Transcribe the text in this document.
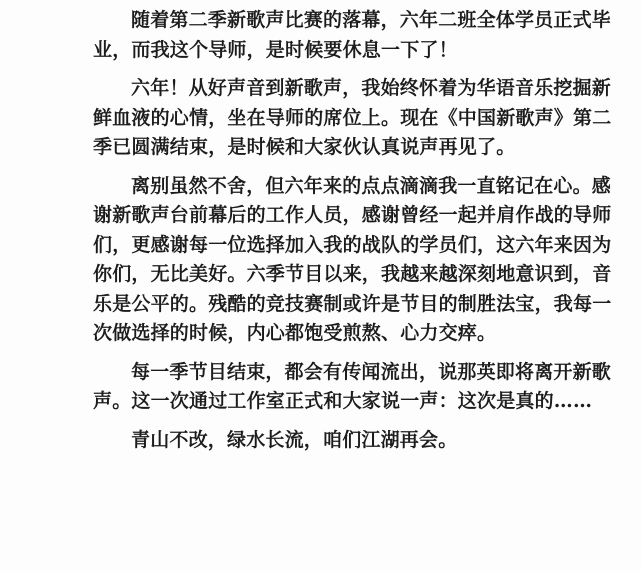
随着第二季新歌声比赛的落幕，六年二班全体学员正式毕业，而我这个导师，是时候要休息一下了！

六年！从好声音到新歌声，我始终怀着为华语音乐挖掘新鲜血液的心情，坐在导师的席位上。现在《中国新歌声》第二季已圆满结束，是时候和大家伙认真说声再见了。

离别虽然不舍，但六年来的点点滴滴我一直铭记在心。感谢新歌声台前幕后的工作人员，感谢曾经一起并肩作战的导师们，更感谢每一位选择加入我的战队的学员们，这六年来因为你们，无比美好。六季节目以来，我越来越深刻地意识到，音乐是公平的。残酷的竞技赛制或许是节目的制胜法宝，我每一次做选择的时候，内心都饱受煎熬、心力交瘁。

每一季节目结束，都会有传闻流出，说那英即将离开新歌声。这一次通过工作室正式和大家说一声：这次是真的……

青山不改，绿水长流，咱们江湖再会。
